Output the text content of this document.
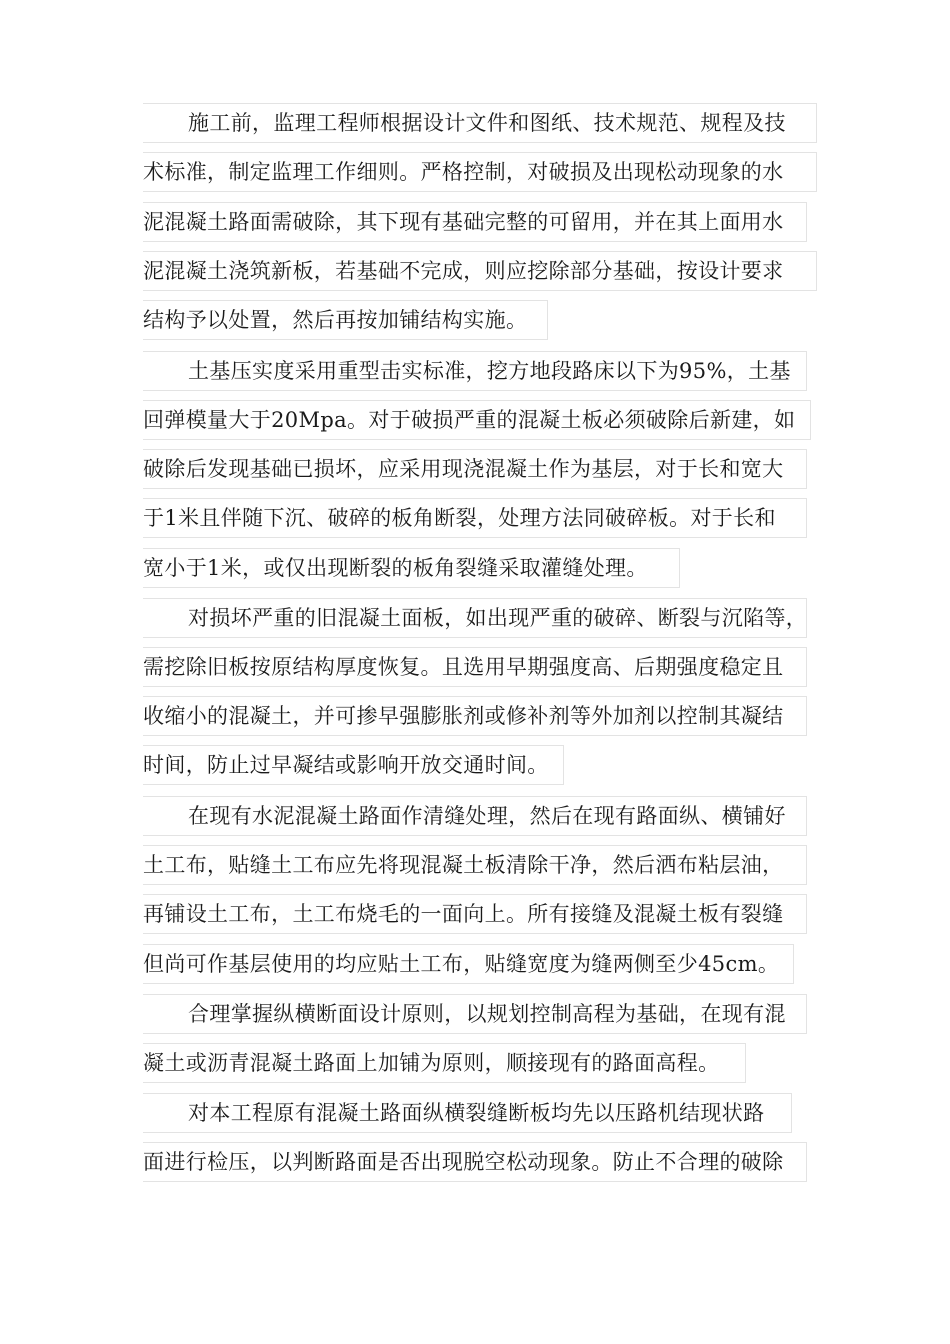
施工前，监理工程师根据设计文件和图纸、技术规范、规程及技
术标准，制定监理工作细则。严格控制，对破损及出现松动现象的水
泥混凝土路面需破除，其下现有基础完整的可留用，并在其上面用水
泥混凝土浇筑新板，若基础不完成，则应挖除部分基础，按设计要求
结构予以处置，然后再按加铺结构实施。
土基压实度采用重型击实标准，挖方地段路床以下为95%，土基
回弹模量大于20Mpa。对于破损严重的混凝土板必须破除后新建，如
破除后发现基础已损坏，应采用现浇混凝土作为基层，对于长和宽大
于1米且伴随下沉、破碎的板角断裂，处理方法同破碎板。对于长和
宽小于1米，或仅出现断裂的板角裂缝采取灌缝处理。
对损坏严重的旧混凝土面板，如出现严重的破碎、断裂与沉陷等，
需挖除旧板按原结构厚度恢复。且选用早期强度高、后期强度稳定且
收缩小的混凝土，并可掺早强膨胀剂或修补剂等外加剂以控制其凝结
时间，防止过早凝结或影响开放交通时间。
在现有水泥混凝土路面作清缝处理，然后在现有路面纵、横铺好
土工布，贴缝土工布应先将现混凝土板清除干净，然后洒布粘层油，
再铺设土工布，土工布烧毛的一面向上。所有接缝及混凝土板有裂缝
但尚可作基层使用的均应贴土工布，贴缝宽度为缝两侧至少45cm。
合理掌握纵横断面设计原则，以规划控制高程为基础，在现有混
凝土或沥青混凝土路面上加铺为原则，顺接现有的路面高程。
对本工程原有混凝土路面纵横裂缝断板均先以压路机结现状路
面进行检压，以判断路面是否出现脱空松动现象。防止不合理的破除
